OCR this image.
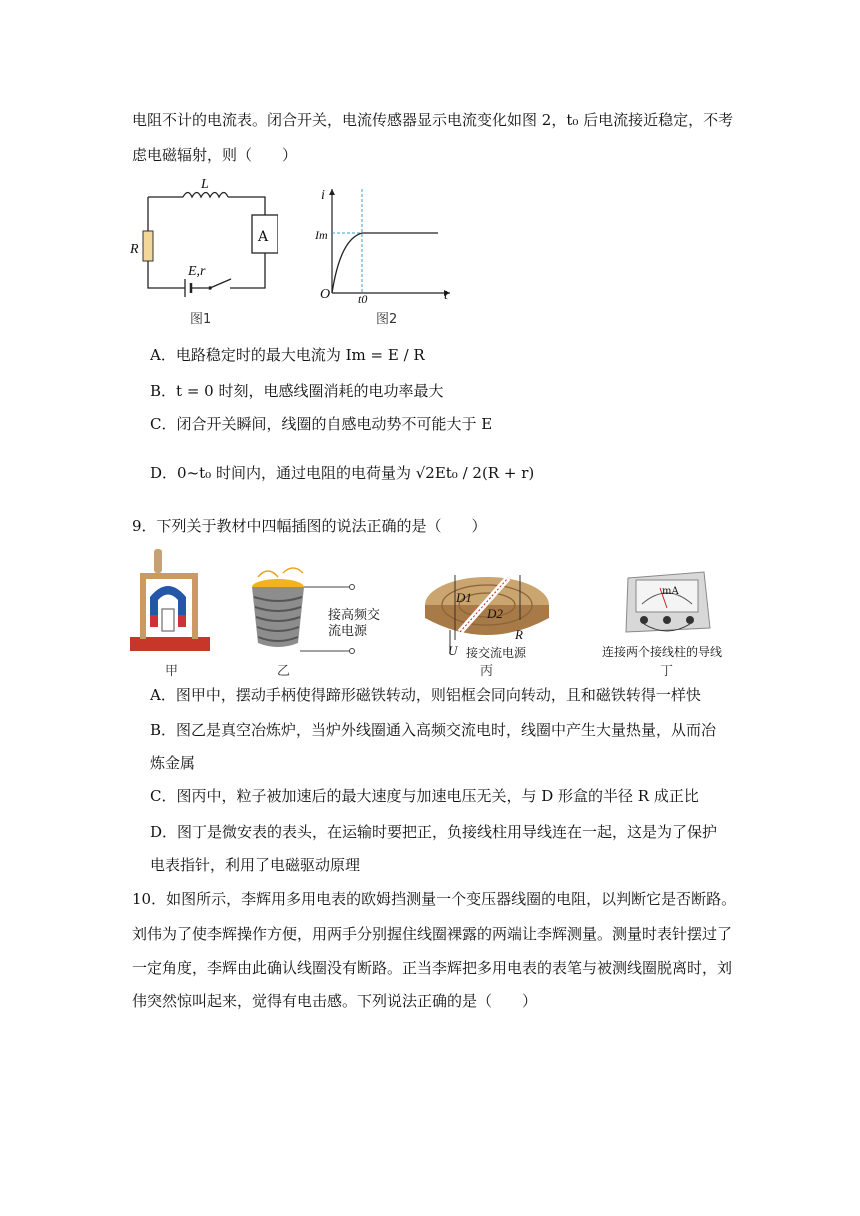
电阻不计的电流表。闭合开关，电流传感器显示电流变化如图 2，t₀ 后电流接近稳定，不考
虑电磁辐射，则（　　）
L
R
A
E,r
图1
i
Im
O t0	t
图2
A．电路稳定时的最大电流为 Im = E / R
B．t = 0 时刻，电感线圈消耗的电功率最大
C．闭合开关瞬间，线圈的自感电动势不可能大于 E
D．0~t₀ 时间内，通过电阻的电荷量为 √2Et₀ / 2(R + r)
9．下列关于教材中四幅插图的说法正确的是（　　）
甲
接高频交
流电源
乙
D1
D2
U
R
接交流电源
丙
mA
连接两个接线柱的导线
丁
A．图甲中，摆动手柄使得蹄形磁铁转动，则铝框会同向转动，且和磁铁转得一样快
B．图乙是真空冶炼炉，当炉外线圈通入高频交流电时，线圈中产生大量热量，从而冶
炼金属
C．图丙中，粒子被加速后的最大速度与加速电压无关，与 D 形盒的半径 R 成正比
D．图丁是微安表的表头，在运输时要把正，负接线柱用导线连在一起，这是为了保护
电表指针，利用了电磁驱动原理
10．如图所示，李辉用多用电表的欧姆挡测量一个变压器线圈的电阻，以判断它是否断路。
刘伟为了使李辉操作方便，用两手分别握住线圈裸露的两端让李辉测量。测量时表针摆过了
一定角度，李辉由此确认线圈没有断路。正当李辉把多用电表的表笔与被测线圈脱离时，刘
伟突然惊叫起来，觉得有电击感。下列说法正确的是（　　）
